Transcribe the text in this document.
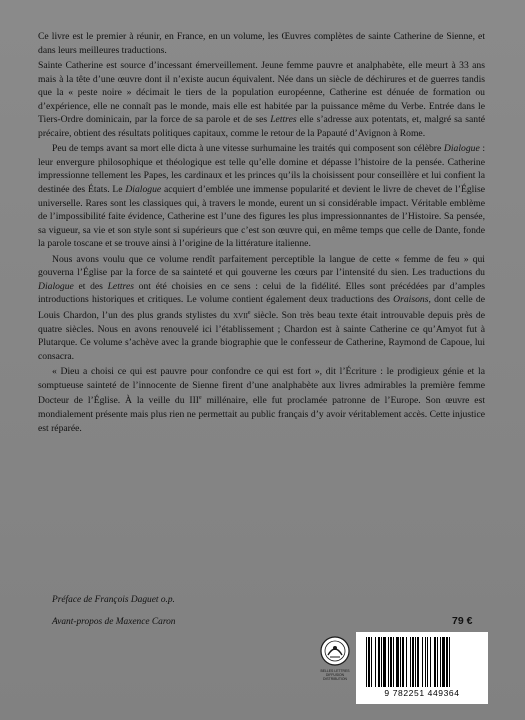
Ce livre est le premier à réunir, en France, en un volume, les Œuvres complètes de sainte Catherine de Sienne, et dans leurs meilleures traductions.

Sainte Catherine est source d’incessant émerveillement. Jeune femme pauvre et analphabète, elle meurt à 33 ans mais à la tête d’une œuvre dont il n’existe aucun équivalent. Née dans un siècle de déchirures et de guerres tandis que la « peste noire » décimait le tiers de la population européenne, Catherine est dénuée de formation ou d’expérience, elle ne connaît pas le monde, mais elle est habitée par la puissance même du Verbe. Entrée dans le Tiers-Ordre dominicain, par la force de sa parole et de ses Lettres elle s’adresse aux potentats, et, malgré sa santé précaire, obtient des résultats politiques capitaux, comme le retour de la Papauté d’Avignon à Rome.

Peu de temps avant sa mort elle dicta à une vitesse surhumaine les traités qui composent son célèbre Dialogue : leur envergure philosophique et théologique est telle qu’elle domine et dépasse l’histoire de la pensée. Catherine impressionne tellement les Papes, les cardinaux et les princes qu’ils la choisissent pour conseillère et lui confient la destinée des États. Le Dialogue acquiert d’emblée une immense popularité et devient le livre de chevet de l’Église universelle. Rares sont les classiques qui, à travers le monde, eurent un si considérable impact. Véritable emblème de l’impossibilité faite évidence, Catherine est l’une des figures les plus impressionnantes de l’Histoire. Sa pensée, sa vigueur, sa vie et son style sont si supérieurs que c’est son œuvre qui, en même temps que celle de Dante, fonde la parole toscane et se trouve ainsi à l’origine de la littérature italienne.

Nous avons voulu que ce volume rendît parfaitement perceptible la langue de cette « femme de feu » qui gouverna l’Église par la force de sa sainteté et qui gouverne les cœurs par l’intensité du sien. Les traductions du Dialogue et des Lettres ont été choisies en ce sens : celui de la fidélité. Elles sont précédées par d’amples introductions historiques et critiques. Le volume contient également deux traductions des Oraisons, dont celle de Louis Chardon, l’un des plus grands stylistes du xvii$^e$ siècle. Son très beau texte était introuvable depuis près de quatre siècles. Nous en avons renouvelé ici l’établissement ; Chardon est à sainte Catherine ce qu’Amyot fut à Plutarque. Ce volume s’achève avec la grande biographie que le confesseur de Catherine, Raymond de Capoue, lui consacra.

« Dieu a choisi ce qui est pauvre pour confondre ce qui est fort », dit l’Écriture : le prodigieux génie et la somptueuse sainteté de l’innocente de Sienne firent d’une analphabète aux livres admirables la première femme Docteur de l’Église. À la veille du IIIe millénaire, elle fut proclamée patronne de l’Europe. Son œuvre est mondialement présente mais plus rien ne permettait au public français d’y avoir véritablement accès. Cette injustice est réparée.

Préface de François Daguet o.p.
Avant-propos de Maxence Caron	79 €
BELLES LETTRES DIFFUSION DISTRIBUTION
9 782251 449364
